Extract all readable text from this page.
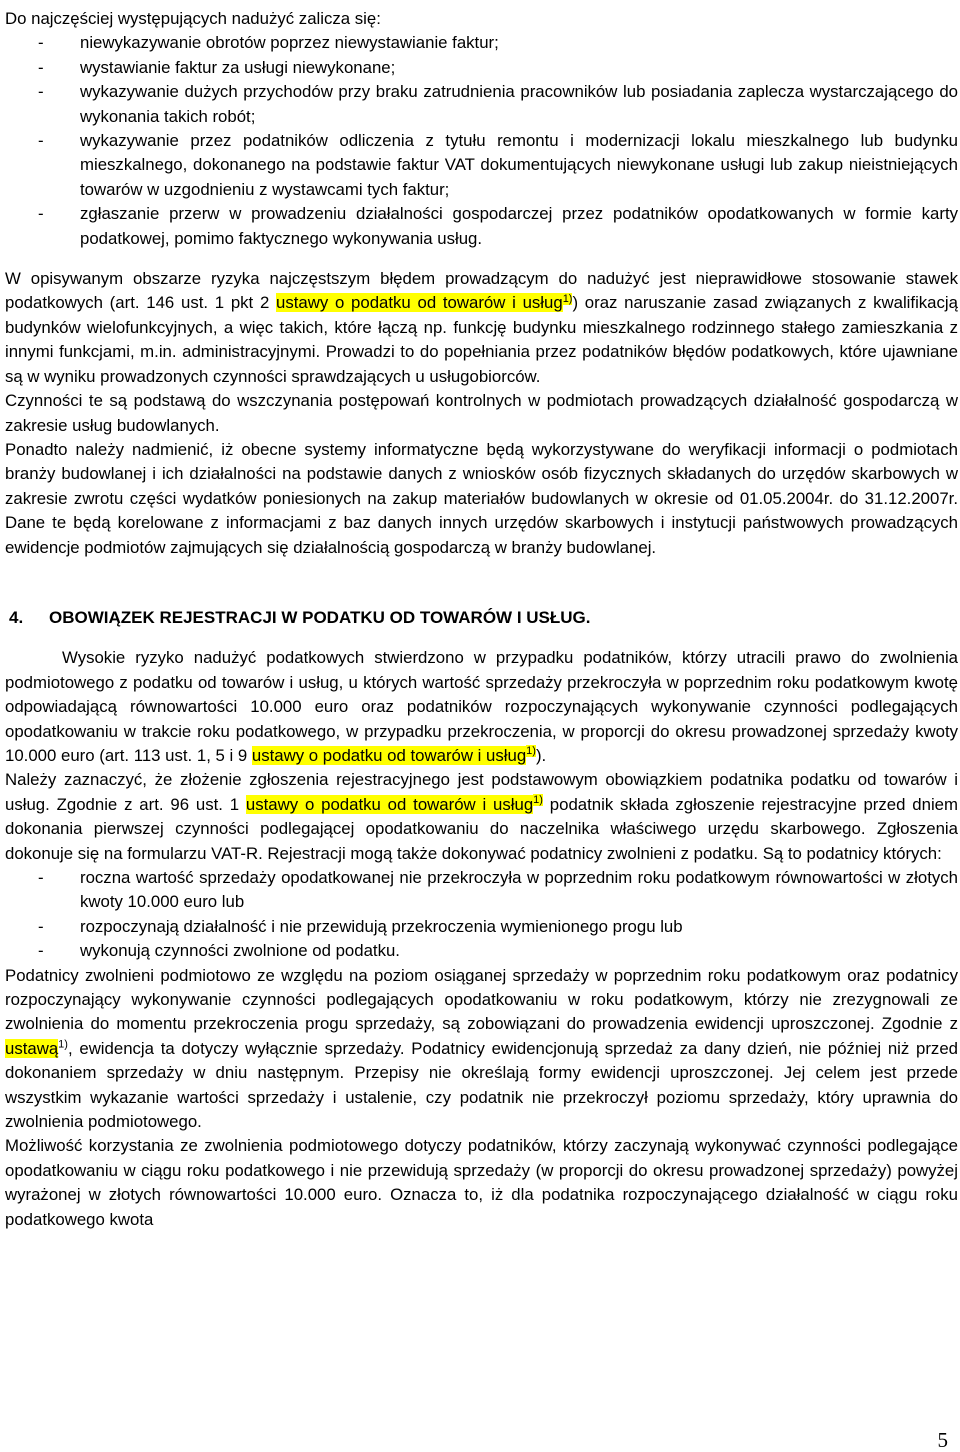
Do najczęściej występujących nadużyć zalicza się:

- niewykazywanie obrotów poprzez niewystawianie faktur;
- wystawianie faktur za usługi niewykonane;
- wykazywanie dużych przychodów przy braku zatrudnienia pracowników lub posiadania zaplecza wystarczającego do wykonania takich robót;
- wykazywanie przez podatników odliczenia z tytułu remontu i modernizacji lokalu mieszkalnego lub budynku mieszkalnego, dokonanego na podstawie faktur VAT dokumentujących niewykonane usługi lub zakup nieistniejących towarów w uzgodnieniu z wystawcami tych faktur;
- zgłaszanie przerw w prowadzeniu działalności gospodarczej przez podatników opodatkowanych w formie karty podatkowej, pomimo faktycznego wykonywania usług.

W opisywanym obszarze ryzyka najczęstszym błędem prowadzącym do nadużyć jest nieprawidłowe stosowanie stawek podatkowych (art. 146 ust. 1 pkt 2 ustawy o podatku od towarów i usług$^{1)}$) oraz naruszanie zasad związanych z kwalifikacją budynków wielofunkcyjnych, a więc takich, które łączą np. funkcję budynku mieszkalnego rodzinnego stałego zamieszkania z innymi funkcjami, m.in. administracyjnymi. Prowadzi to do popełniania przez podatników błędów podatkowych, które ujawniane są w wyniku prowadzonych czynności sprawdzających u usługobiorców.

Czynności te są podstawą do wszczynania postępowań kontrolnych w podmiotach prowadzących działalność gospodarczą w zakresie usług budowlanych.

Ponadto należy nadmienić, iż obecne systemy informatyczne będą wykorzystywane do weryfikacji informacji o podmiotach branży budowlanej i ich działalności na podstawie danych z wniosków osób fizycznych składanych do urzędów skarbowych w zakresie zwrotu części wydatków poniesionych na zakup materiałów budowlanych w okresie od 01.05.2004r. do 31.12.2007r. Dane te będą korelowane z informacjami z baz danych innych urzędów skarbowych i instytucji państwowych prowadzących ewidencje podmiotów zajmujących się działalnością gospodarczą w branży budowlanej.

4. OBOWIĄZEK REJESTRACJI W PODATKU OD TOWARÓW I USŁUG.

Wysokie ryzyko nadużyć podatkowych stwierdzono w przypadku podatników, którzy utracili prawo do zwolnienia podmiotowego z podatku od towarów i usług, u których wartość sprzedaży przekroczyła w poprzednim roku podatkowym kwotę odpowiadającą równowartości 10.000 euro oraz podatników rozpoczynających wykonywanie czynności podlegających opodatkowaniu w trakcie roku podatkowego, w przypadku przekroczenia, w proporcji do okresu prowadzonej sprzedaży kwoty 10.000 euro (art. 113 ust. 1, 5 i 9 ustawy o podatku od towarów i usług$^{1)}$).

Należy zaznaczyć, że złożenie zgłoszenia rejestracyjnego jest podstawowym obowiązkiem podatnika podatku od towarów i usług. Zgodnie z art. 96 ust. 1 ustawy o podatku od towarów i usług$^{1)}$ podatnik składa zgłoszenie rejestracyjne przed dniem dokonania pierwszej czynności podlegającej opodatkowaniu do naczelnika właściwego urzędu skarbowego. Zgłoszenia dokonuje się na formularzu VAT-R. Rejestracji mogą także dokonywać podatnicy zwolnieni z podatku. Są to podatnicy których:

- roczna wartość sprzedaży opodatkowanej nie przekroczyła w poprzednim roku podatkowym równowartości w złotych kwoty 10.000 euro lub
- rozpoczynają działalność i nie przewidują przekroczenia wymienionego progu lub
- wykonują czynności zwolnione od podatku.

Podatnicy zwolnieni podmiotowo ze względu na poziom osiąganej sprzedaży w poprzednim roku podatkowym oraz podatnicy rozpoczynający wykonywanie czynności podlegających opodatkowaniu w roku podatkowym, którzy nie zrezygnowali ze zwolnienia do momentu przekroczenia progu sprzedaży, są zobowiązani do prowadzenia ewidencji uproszczonej. Zgodnie z ustawą$^{1)}$, ewidencja ta dotyczy wyłącznie sprzedaży. Podatnicy ewidencjonują sprzedaż za dany dzień, nie później niż przed dokonaniem sprzedaży w dniu następnym. Przepisy nie określają formy ewidencji uproszczonej. Jej celem jest przede wszystkim wykazanie wartości sprzedaży i ustalenie, czy podatnik nie przekroczył poziomu sprzedaży, który uprawnia do zwolnienia podmiotowego.

Możliwość korzystania ze zwolnienia podmiotowego dotyczy podatników, którzy zaczynają wykonywać czynności podlegające opodatkowaniu w ciągu roku podatkowego i nie przewidują sprzedaży (w proporcji do okresu prowadzonej sprzedaży) powyżej wyrażonej w złotych równowartości 10.000 euro. Oznacza to, iż dla podatnika rozpoczynającego działalność w ciągu roku podatkowego kwota

5
